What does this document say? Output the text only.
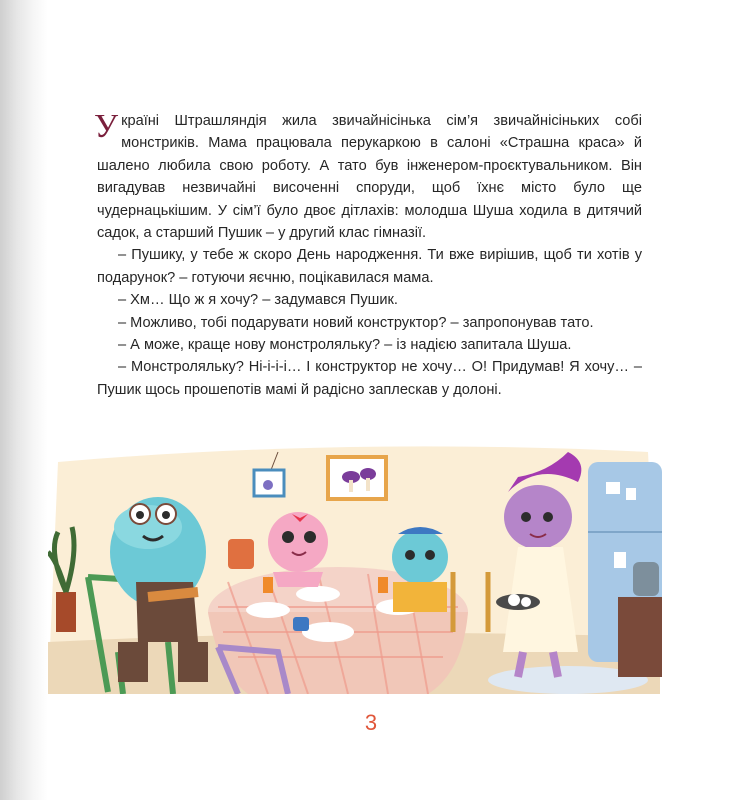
У країні Штрашляндія жила звичайнісінька сім’я звичайнісіньких собі монстриків. Мама працювала перукаркою в салоні «Страшна краса» й шалено любила свою роботу. А тато був інженером-проєктувальником. Він вигадував незвичайні височенні споруди, щоб їхнє місто було ще чудернацькішим. У сім’ї було двоє дітлахів: молодша Шуша ходила в дитячий садок, а старший Пушик – у другий клас гімназії.

– Пушику, у тебе ж скоро День народження. Ти вже вирішив, щоб ти хотів у подарунок? – готуючи яєчню, поцікавилася мама.

– Хм… Що ж я хочу? – задумався Пушик.

– Можливо, тобі подарувати новий конструктор? – запропонував тато.

– А може, краще нову монстроляльку? – із надією запитала Шуша.

– Монстроляльку? Ні-і-і-і… І конструктор не хочу… О! Придумав! Я хочу… – Пушик щось прошепотів мамі й радісно заплескав у долоні.

3
